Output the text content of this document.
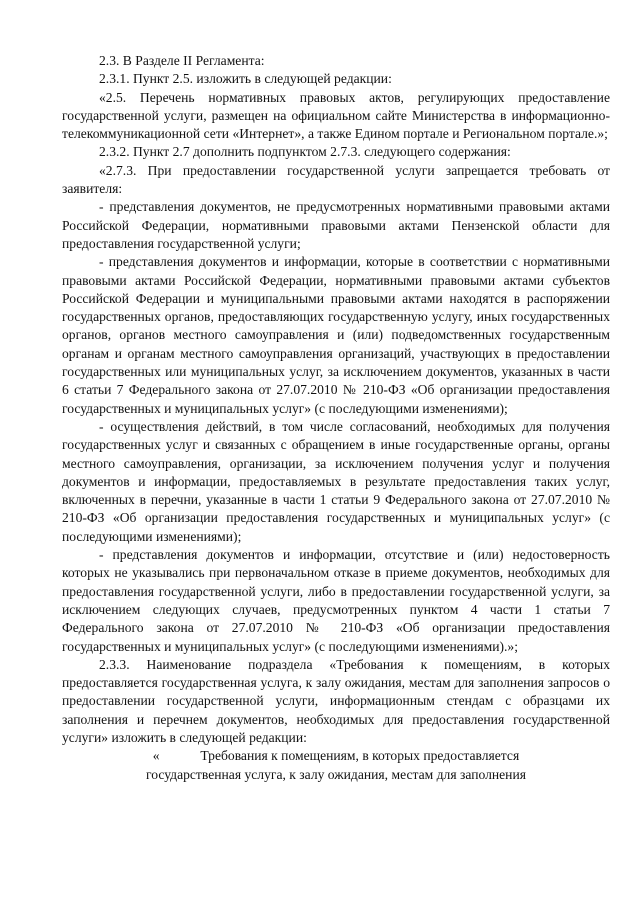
2.3. В Разделе II Регламента:

2.3.1. Пункт 2.5. изложить в следующей редакции:

«2.5. Перечень нормативных правовых актов, регулирующих предоставление государственной услуги, размещен на официальном сайте Министерства в информационно-телекоммуникационной сети «Интернет», а также Едином портале и Региональном портале.»;

2.3.2. Пункт 2.7 дополнить подпунктом 2.7.3. следующего содержания:

«2.7.3. При предоставлении государственной услуги запрещается требовать от заявителя:

- представления документов, не предусмотренных нормативными правовыми актами Российской Федерации, нормативными правовыми актами Пензенской области для предоставления государственной услуги;

- представления документов и информации, которые в соответствии с нормативными правовыми актами Российской Федерации, нормативными правовыми актами субъектов Российской Федерации и муниципальными правовыми актами находятся в распоряжении государственных органов, предоставляющих государственную услугу, иных государственных органов, органов местного самоуправления и (или) подведомственных государственным органам и органам местного самоуправления организаций, участвующих в предоставлении государственных или муниципальных услуг, за исключением документов, указанных в части 6 статьи 7 Федерального закона от 27.07.2010 № 210-ФЗ «Об организации предоставления государственных и муниципальных услуг» (с последующими изменениями);

- осуществления действий, в том числе согласований, необходимых для получения государственных услуг и связанных с обращением в иные государственные органы, органы местного самоуправления, организации, за исключением получения услуг и получения документов и информации, предоставляемых в результате предоставления таких услуг, включенных в перечни, указанные в части 1 статьи 9 Федерального закона от 27.07.2010 № 210-ФЗ «Об организации предоставления государственных и муниципальных услуг» (с последующими изменениями);

- представления документов и информации, отсутствие и (или) недостоверность которых не указывались при первоначальном отказе в приеме документов, необходимых для предоставления государственной услуги, либо в предоставлении государственной услуги, за исключением следующих случаев, предусмотренных пунктом 4 части 1 статьи 7 Федерального закона от 27.07.2010 № 210-ФЗ «Об организации предоставления государственных и муниципальных услуг» (с последующими изменениями).»;

2.3.3. Наименование подраздела «Требования к помещениям, в которых предоставляется государственная услуга, к залу ожидания, местам для заполнения запросов о предоставлении государственной услуги, информационным стендам с образцами их заполнения и перечнем документов, необходимых для предоставления государственной услуги» изложить в следующей редакции:

«            Требования к помещениям, в которых предоставляется
государственная услуга, к залу ожидания, местам для заполнения
